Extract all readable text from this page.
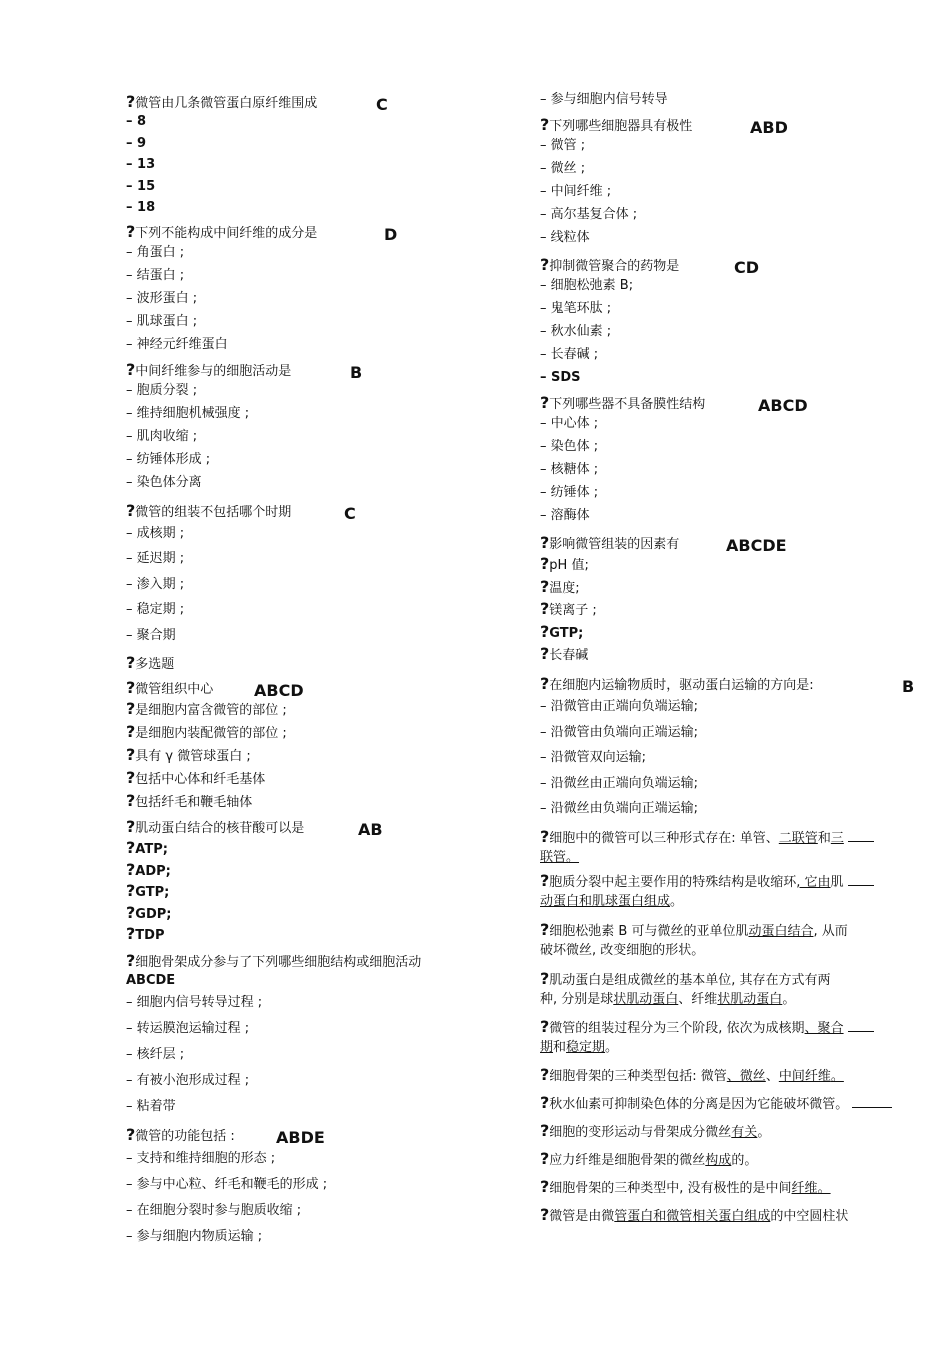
?微管由几条微管蛋白原纤维围成	C
– 8
– 9
– 13
– 15
– 18
?下列不能构成中间纤维的成分是	D
– 角蛋白 ;
– 结蛋白 ;
– 波形蛋白 ;
– 肌球蛋白 ;
– 神经元纤维蛋白
?中间纤维参与的细胞活动是	B
– 胞质分裂 ;
– 维持细胞机械强度 ;
– 肌肉收缩 ;
– 纺锤体形成 ;
– 染色体分离
?微管的组装不包括哪个时期	C
– 成核期 ;
– 延迟期 ;
– 渗入期 ;
– 稳定期 ;
– 聚合期
?多选题
?微管组织中心	ABCD
?是细胞内富含微管的部位 ;
?是细胞内装配微管的部位 ;
?具有 γ 微管球蛋白 ;
?包括中心体和纤毛基体
?包括纤毛和鞭毛轴体
?肌动蛋白结合的核苷酸可以是	AB
?ATP;
?ADP;
?GTP;
?GDP;
?TDP
?细胞骨架成分参与了下列哪些细胞结构或细胞活动
ABCDE
– 细胞内信号转导过程 ;
– 转运膜泡运输过程 ;
– 核纤层 ;
– 有被小泡形成过程 ;
– 粘着带
?微管的功能包括 :	ABDE
– 支持和维持细胞的形态 ;
– 参与中心粒、纤毛和鞭毛的形成 ;
– 在细胞分裂时参与胞质收缩 ;
– 参与细胞内物质运输 ;
– 参与细胞内信号转导
?下列哪些细胞器具有极性	ABD
– 微管 ;
– 微丝 ;
– 中间纤维 ;
– 高尔基复合体 ;
– 线粒体
?抑制微管聚合的药物是	CD
– 细胞松弛素 B;
– 鬼笔环肽 ;
– 秋水仙素 ;
– 长春碱 ;
– SDS
?下列哪些器不具备膜性结构	ABCD
– 中心体 ;
– 染色体 ;
– 核糖体 ;
– 纺锤体 ;
– 溶酶体
?影响微管组装的因素有	ABCDE
?pH 值;
?温度;
?镁离子 ;
?GTP;
?长春碱
?在细胞内运输物质时，驱动蛋白运输的方向是:	B
– 沿微管由正端向负端运输;
– 沿微管由负端向正端运输;
– 沿微管双向运输;
– 沿微丝由正端向负端运输;
– 沿微丝由负端向正端运输;
?细胞中的微管可以三种形式存在: 单管、二联管和三
联管。
?胞质分裂中起主要作用的特殊结构是收缩环, 它由肌
动蛋白和肌球蛋白组成。
?细胞松弛素 B 可与微丝的亚单位肌动蛋白结合, 从而
破坏微丝, 改变细胞的形状。
?肌动蛋白是组成微丝的基本单位, 其存在方式有两
种, 分别是球状肌动蛋白、纤维状肌动蛋白。
?微管的组装过程分为三个阶段, 依次为成核期、聚合
期和稳定期。
?细胞骨架的三种类型包括: 微管、微丝、中间纤维。
?秋水仙素可抑制染色体的分离是因为它能破坏微管。
?细胞的变形运动与骨架成分微丝有关。
?应力纤维是细胞骨架的微丝构成的。
?细胞骨架的三种类型中, 没有极性的是中间纤维。
?微管是由微管蛋白和微管相关蛋白组成的中空圆柱状
